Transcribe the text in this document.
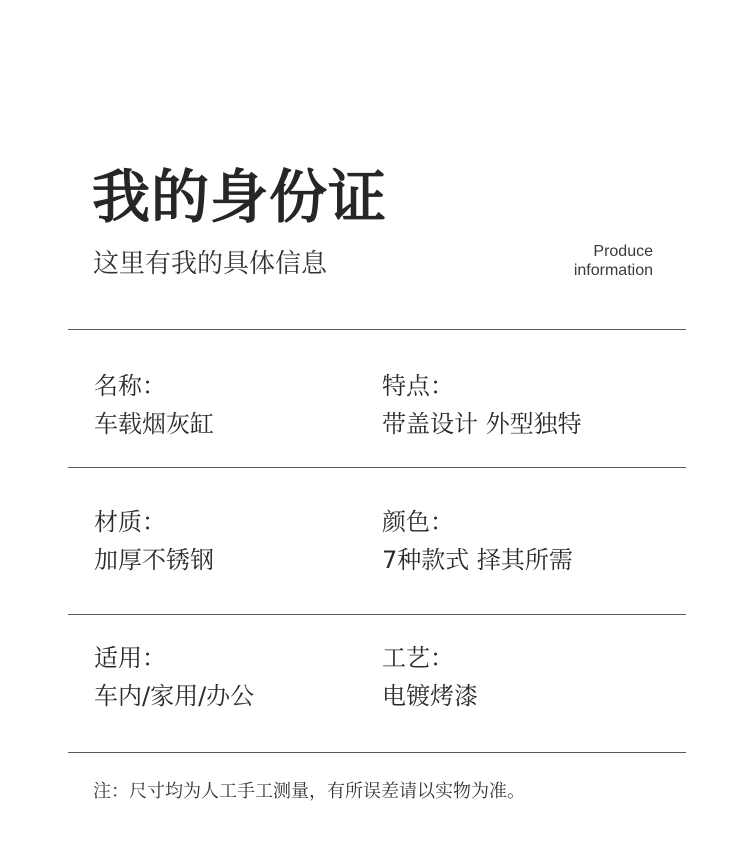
我的身份证
这里有我的具体信息	Produce
information
名称：
车载烟灰缸
特点：
带盖设计 外型独特
材质：
加厚不锈钢
颜色：
7种款式 择其所需
适用：
车内/家用/办公
工艺：
电镀烤漆
注：尺寸均为人工手工测量，有所误差请以实物为准。
